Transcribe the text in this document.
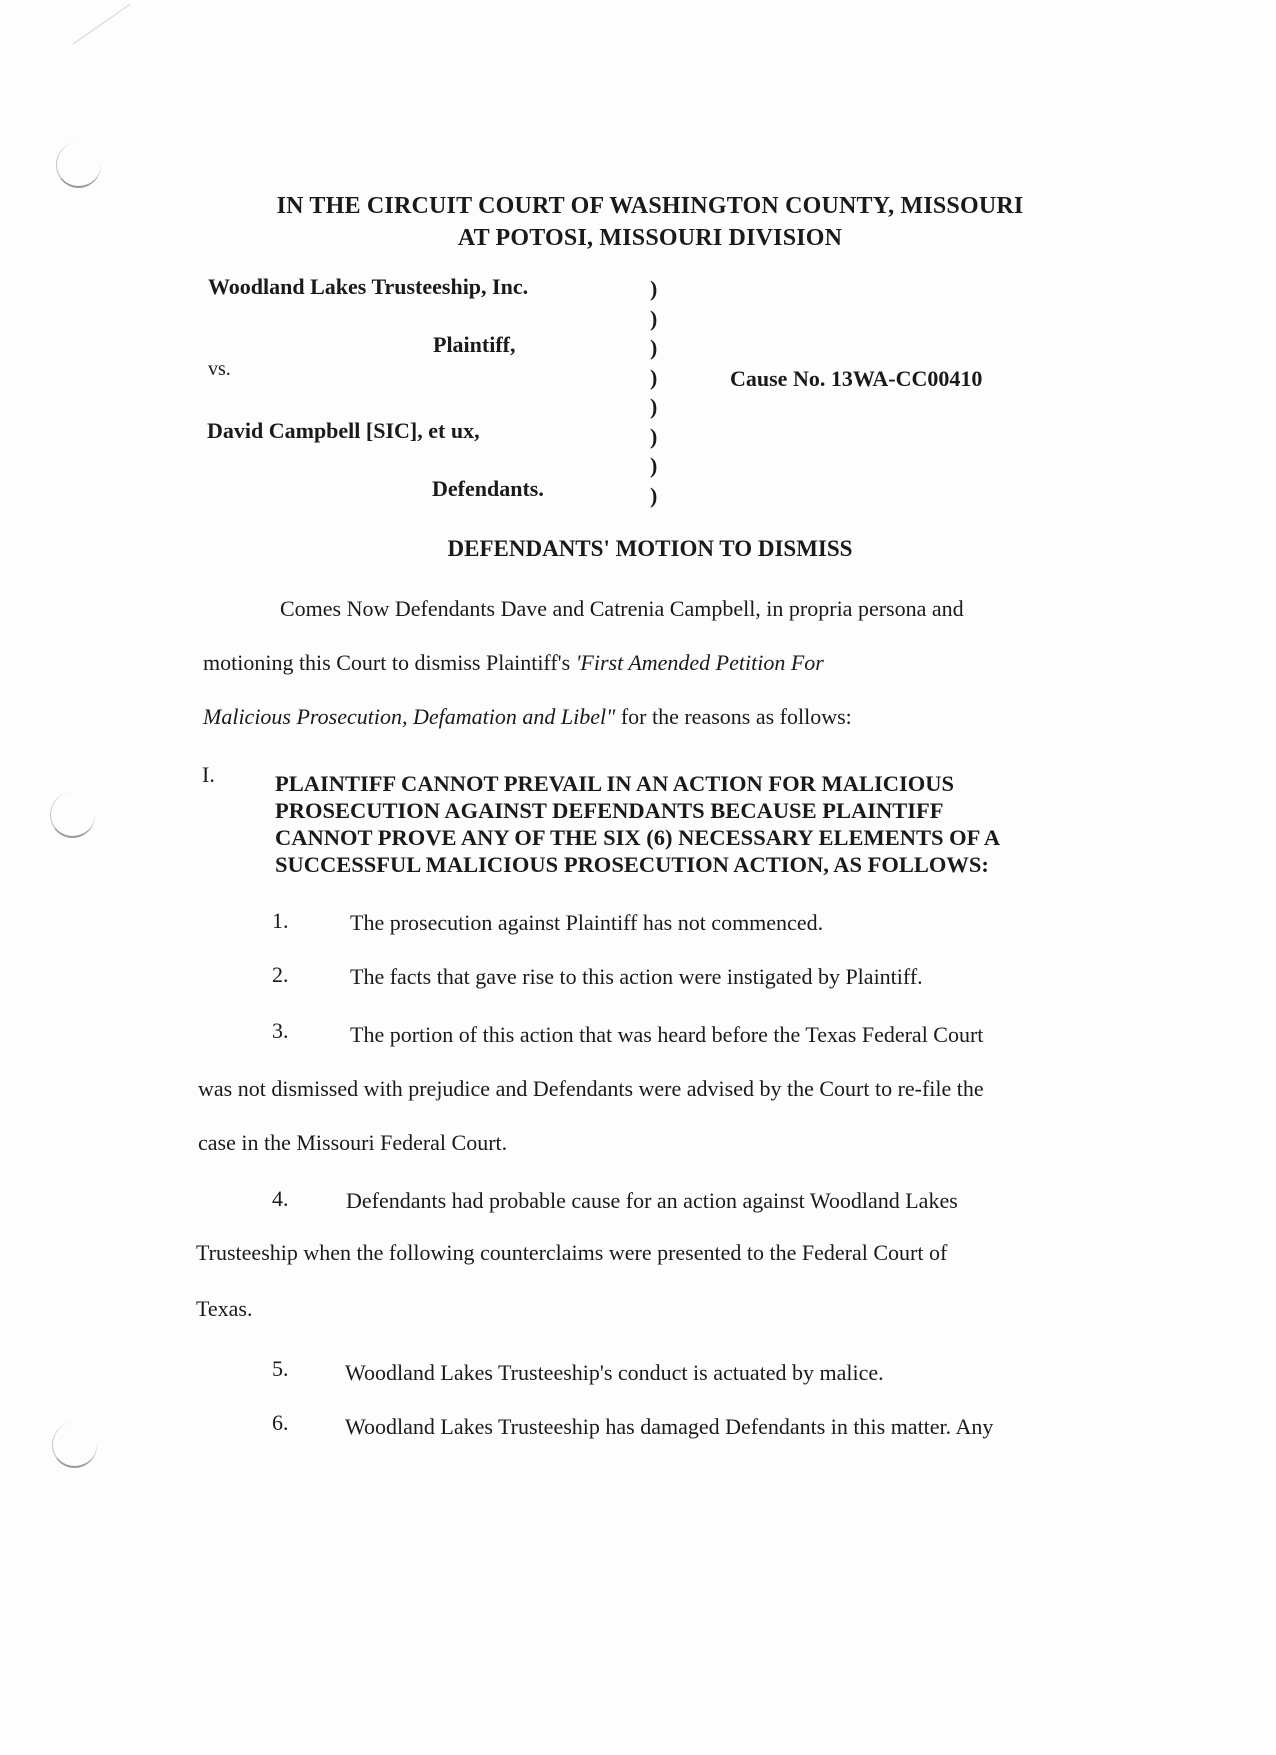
IN THE CIRCUIT COURT OF WASHINGTON COUNTY, MISSOURI
AT POTOSI, MISSOURI DIVISION
Woodland Lakes Trusteeship, Inc.
Plaintiff,
vs.
David Campbell [SIC], et ux,
Defendants.
)
)
)
)
)
)
)
)
Cause No. 13WA-CC00410
DEFENDANTS' MOTION TO DISMISS
Comes Now Defendants Dave and Catrenia Campbell, in propria persona and
motioning this Court to dismiss Plaintiff's 'First Amended Petition For
Malicious Prosecution, Defamation and Libel" for the reasons as follows:
I.	PLAINTIFF CANNOT PREVAIL IN AN ACTION FOR MALICIOUS
PROSECUTION AGAINST DEFENDANTS BECAUSE PLAINTIFF
CANNOT PROVE ANY OF THE SIX (6) NECESSARY ELEMENTS OF A
SUCCESSFUL MALICIOUS PROSECUTION ACTION, AS FOLLOWS:
1.	The prosecution against Plaintiff has not commenced.
2.	The facts that gave rise to this action were instigated by Plaintiff.
3.	The portion of this action that was heard before the Texas Federal Court
was not dismissed with prejudice and Defendants were advised by the Court to re-file the
case in the Missouri Federal Court.
4.	Defendants had probable cause for an action against Woodland Lakes
Trusteeship when the following counterclaims were presented to the Federal Court of
Texas.
5.	Woodland Lakes Trusteeship's conduct is actuated by malice.
6.	Woodland Lakes Trusteeship has damaged Defendants in this matter. Any
